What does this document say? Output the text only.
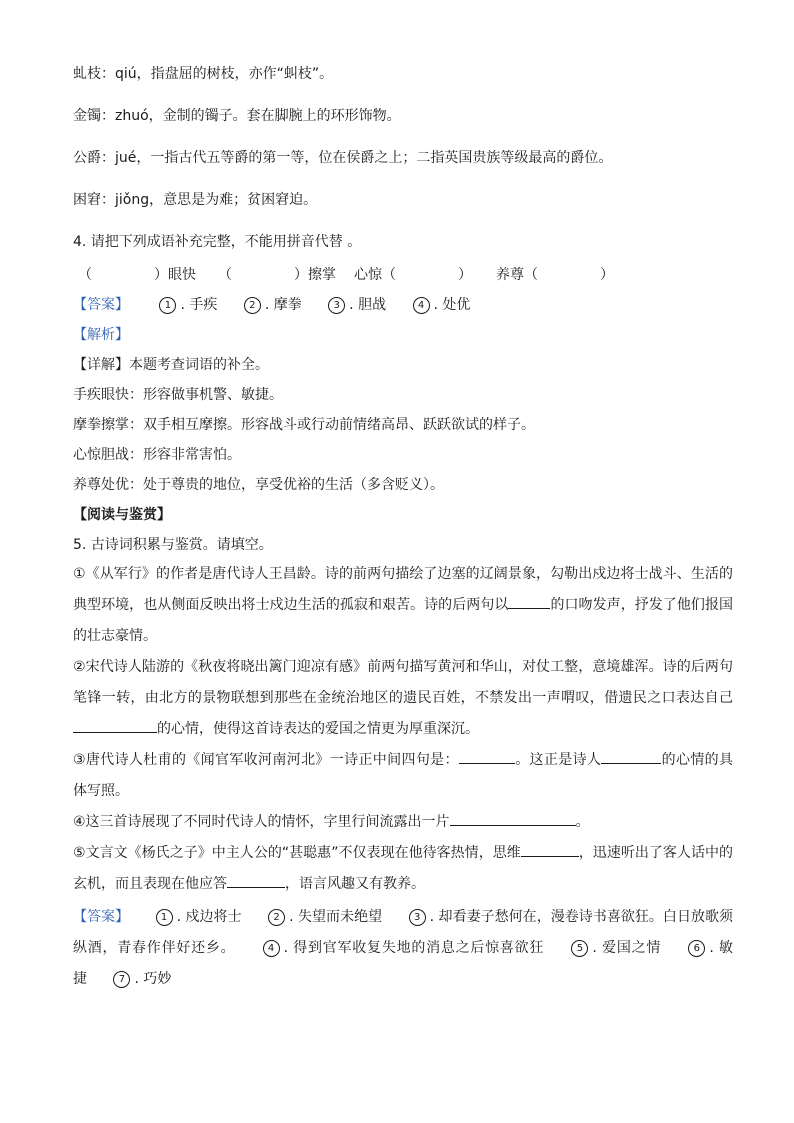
虬枝：qiú，指盘屈的树枝，亦作“虯枝”。
金镯：zhuó，金制的镯子。套在脚腕上的环形饰物。
公爵：jué，一指古代五等爵的第一等，位在侯爵之上；二指英国贵族等级最高的爵位。
困窘：jiǒng，意思是为难；贫困窘迫。
4. 请把下列成语补充完整，不能用拼音代替 。
（	）眼快 （	）擦掌 心惊（	） 养尊（	）
【答案】	1 . 手疾	2 . 摩拳	3 . 胆战	4 . 处优
【解析】
【详解】本题考查词语的补全。
手疾眼快：形容做事机警、敏捷。
摩拳擦掌：双手相互摩擦。形容战斗或行动前情绪高昂、跃跃欲试的样子。
心惊胆战：形容非常害怕。
养尊处优：处于尊贵的地位，享受优裕的生活（多含贬义）。
【阅读与鉴赏】
5. 古诗词积累与鉴赏。请填空。
①《从军行》的作者是唐代诗人王昌龄。诗的前两句描绘了边塞的辽阔景象，勾勒出戍边将士战斗、生活的典型环境，也从侧面反映出将士戍边生活的孤寂和艰苦。诗的后两句以	的口吻发声，抒发了他们报国的壮志豪情。
②宋代诗人陆游的《秋夜将晓出篱门迎凉有感》前两句描写黄河和华山，对仗工整，意境雄浑。诗的后两句笔锋一转，由北方的景物联想到那些在金统治地区的遗民百姓，不禁发出一声喟叹，借遗民之口表达自己的心情，使得这首诗表达的爱国之情更为厚重深沉。
③唐代诗人杜甫的《闻官军收河南河北》一诗正中间四句是：	。这正是诗人	的心情的具体写照。
④这三首诗展现了不同时代诗人的情怀，字里行间流露出一片	。
⑤文言文《杨氏之子》中主人公的“甚聪惠”不仅表现在他待客热情，思维	，迅速听出了客人话中的玄机，而且表现在他应答	，语言风趣又有教养。
【答案】	1 . 戍边将士	2 . 失望而未绝望	3 . 却看妻子愁何在，漫卷诗书喜欲狂。白日放歌须纵酒，青春作伴好还乡。	4 . 得到官军收复失地的消息之后惊喜欲狂	5 . 爱国之情	6 . 敏捷	7 . 巧妙
